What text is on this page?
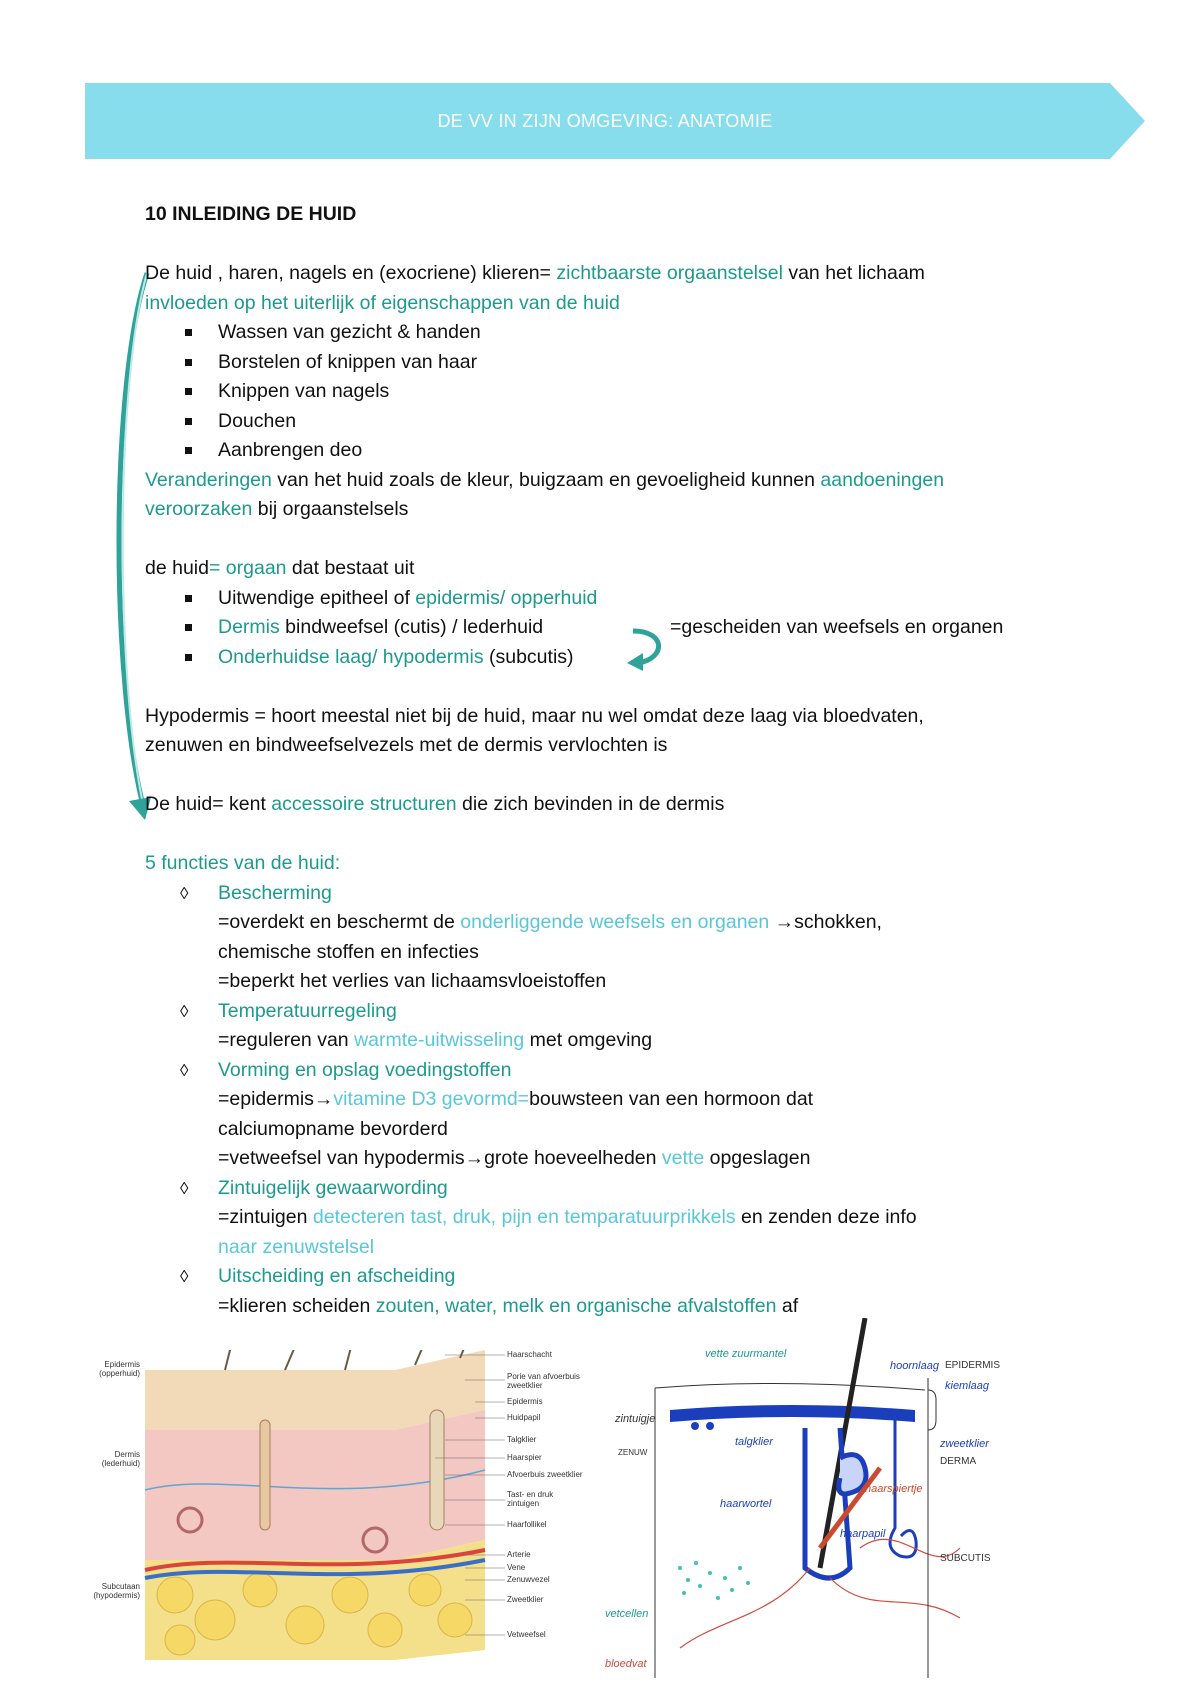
DE VV IN ZIJN OMGEVING: ANATOMIE
10 INLEIDING DE HUID
De huid , haren, nagels en (exocriene) klieren= zichtbaarste orgaanstelsel van het lichaam
invloeden op het uiterlijk of eigenschappen van de huid
Wassen van gezicht & handen
Borstelen of knippen van haar
Knippen van nagels
Douchen
Aanbrengen deo
Veranderingen van het huid zoals de kleur, buigzaam en gevoeligheid kunnen aandoeningen
veroorzaken bij orgaanstelsels
de huid= orgaan dat bestaat uit
Uitwendige epitheel of epidermis/ opperhuid
Dermis bindweefsel (cutis) / lederhuid	=gescheiden van weefsels en organen
Onderhuidse laag/ hypodermis (subcutis)
Hypodermis = hoort meestal niet bij de huid, maar nu wel omdat deze laag via bloedvaten,
zenuwen en bindweefselvezels met de dermis vervlochten is
De huid= kent accessoire structuren die zich bevinden in de dermis
5 functies van de huid:
◊ Bescherming
=overdekt en beschermt de onderliggende weefsels en organen →schokken,
chemische stoffen en infecties
=beperkt het verlies van lichaamsvloeistoffen
◊ Temperatuurregeling
=reguleren van warmte-uitwisseling met omgeving
◊ Vorming en opslag voedingstoffen
=epidermis→vitamine D3 gevormd=bouwsteen van een hormoon dat
calciumopname bevorderd
=vetweefsel van hypodermis→grote hoeveelheden vette opgeslagen
◊ Zintuigelijk gewaarwording
=zintuigen detecteren tast, druk, pijn en temparatuurprikkels en zenden deze info
naar zenuwstelsel
◊ Uitscheiding en afscheiding
=klieren scheiden zouten, water, melk en organische afvalstoffen af
Epidermis (opperhuid)
Dermis (lederhuid)
Subcutaan (hypodermis)
Haarschacht
Porie van afvoerbuis zweetklier
Epidermis
Huidpapil
Talgklier
Haarspier
Afvoerbuis zweetklier
Tast- en druk zintuigen
Haarfollikel
Arterie
Vene
Zenuwvezel
Zweetklier
Vetweefsel
vette zuurmantel
hoornlaag EPIDERMIS
kiemlaag
zintuigje
ZENUW
talgklier	zweetklier
DERMA
haarspiertje
haarwortel
haarpapil
SUBCUTIS
vetcellen
bloedvat
